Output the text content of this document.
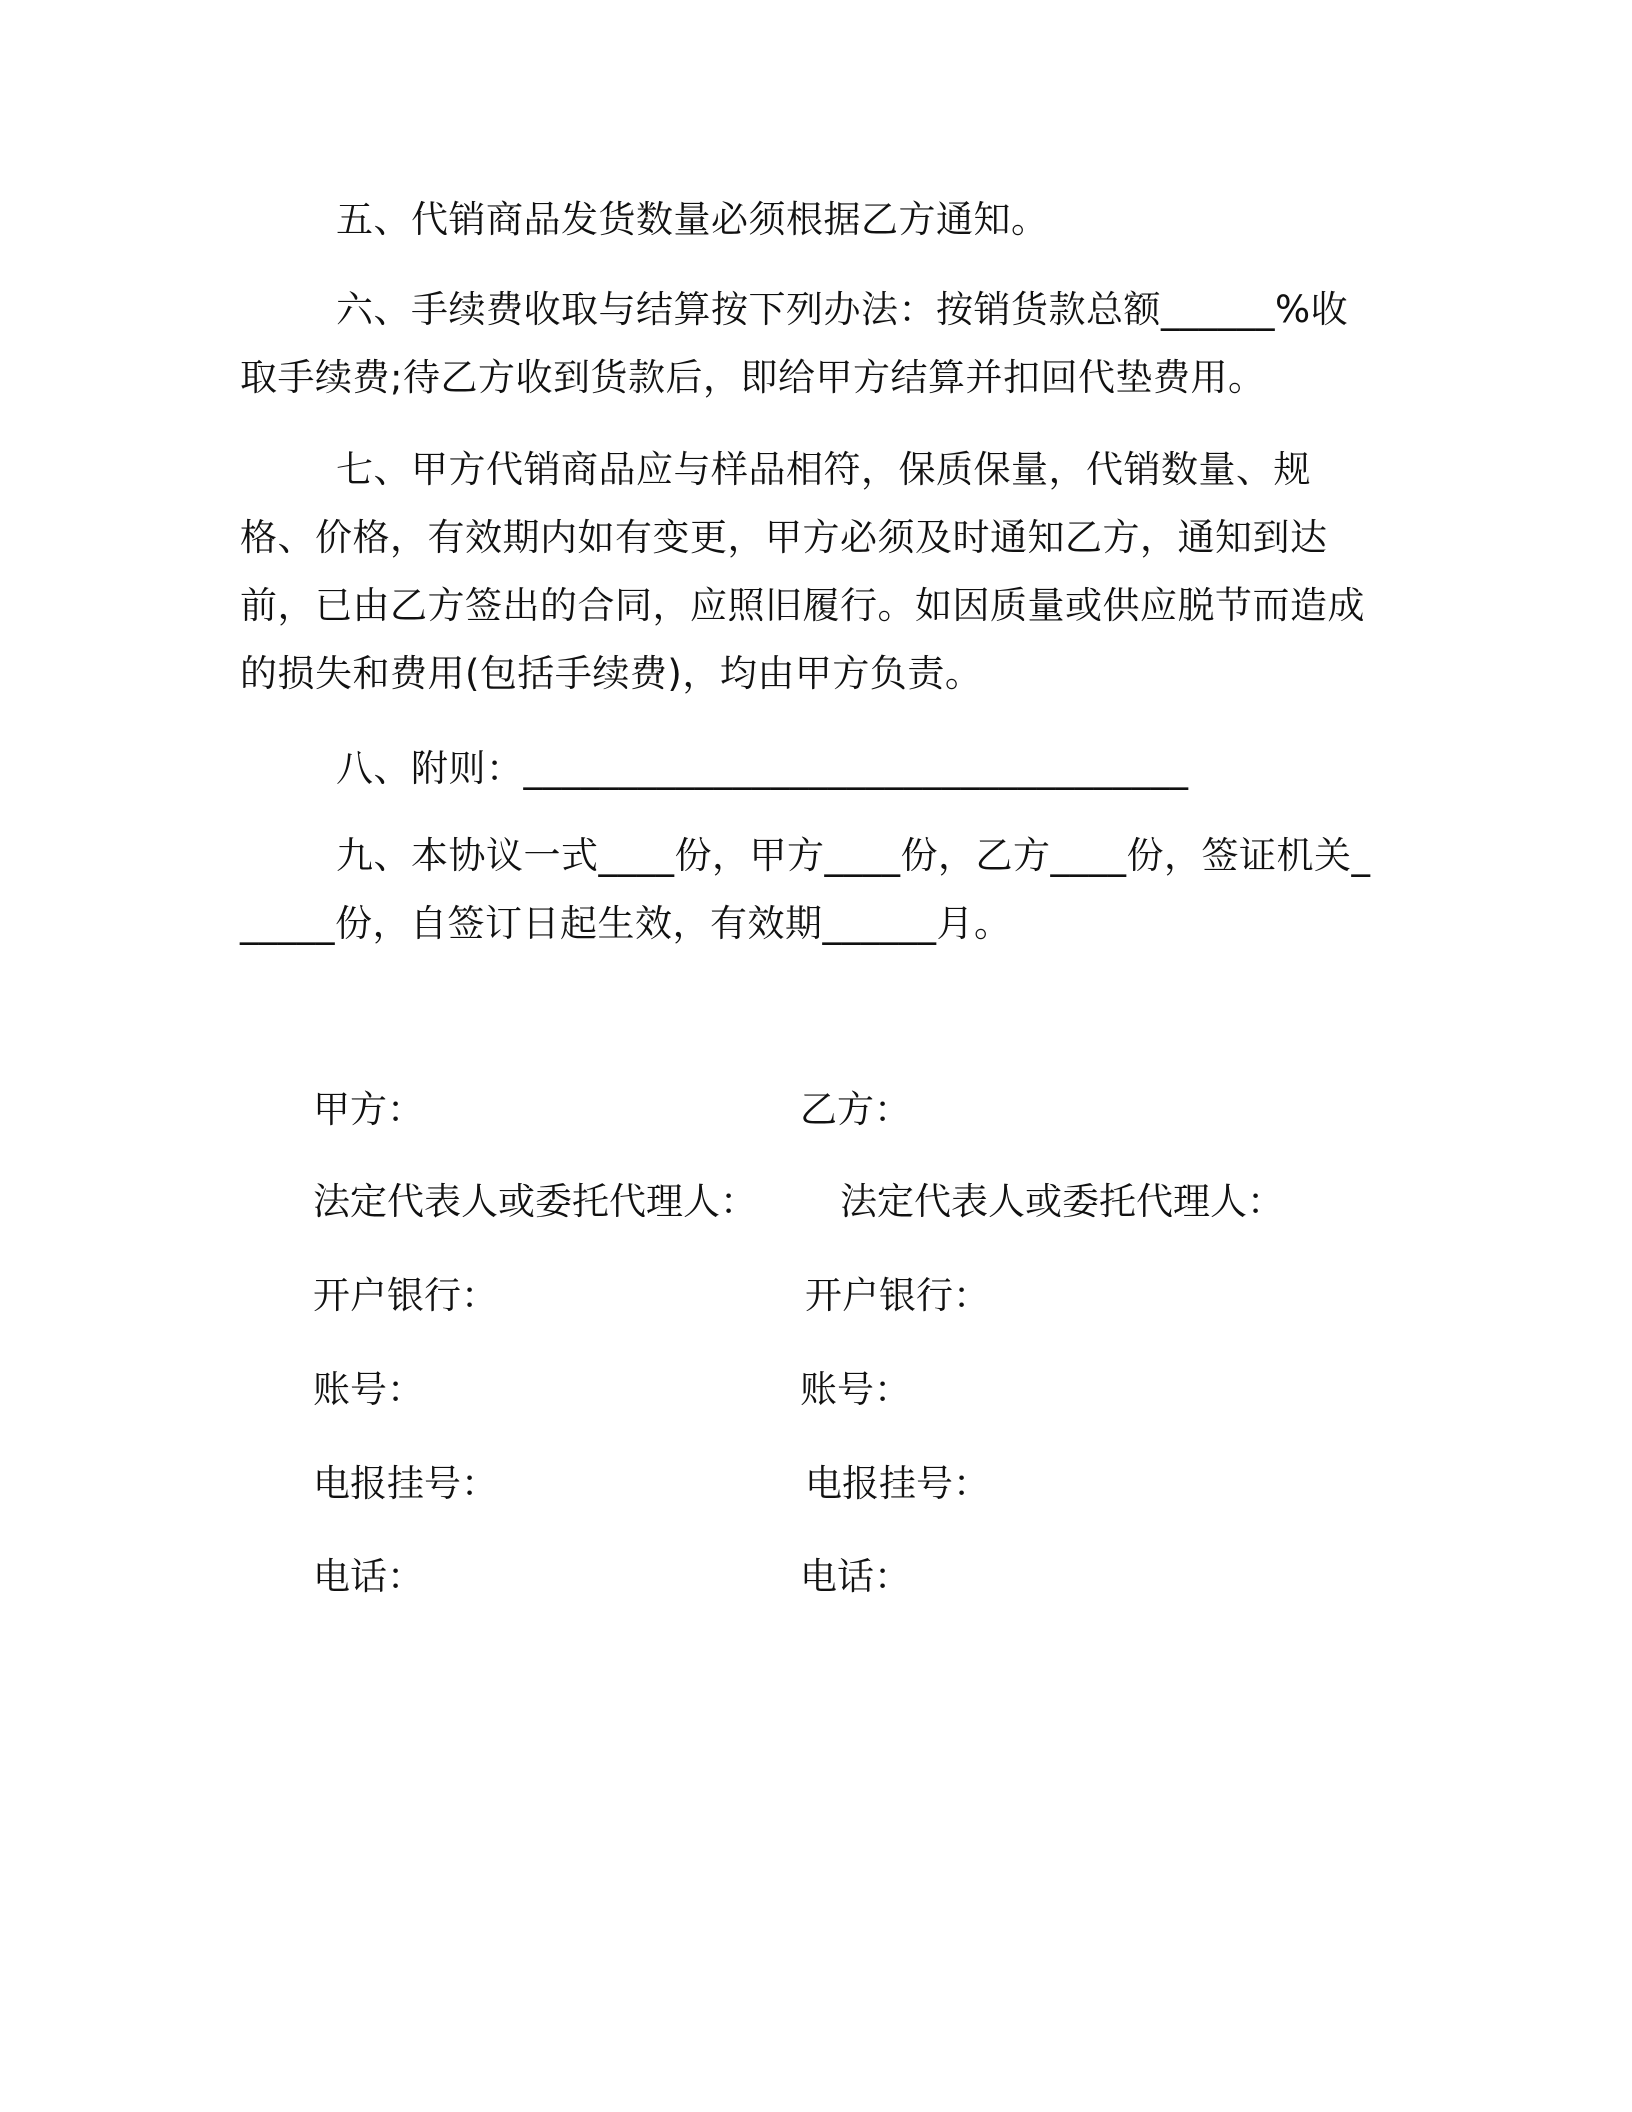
五、代销商品发货数量必须根据乙方通知。
六、手续费收取与结算按下列办法：按销货款总额______%收取手续费;待乙方收到货款后，即给甲方结算并扣回代垫费用。
七、甲方代销商品应与样品相符，保质保量，代销数量、规格、价格，有效期内如有变更，甲方必须及时通知乙方，通知到达前，已由乙方签出的合同，应照旧履行。如因质量或供应脱节而造成的损失和费用(包括手续费)，均由甲方负责。
八、附则：___________________________________
九、本协议一式____份，甲方____份，乙方____份，签证机关______份，自签订日起生效，有效期______月。
甲方：
法定代表人或委托代理人：
开户银行：
账号：
电报挂号：
电话：
乙方：
法定代表人或委托代理人：
开户银行：
账号：
电报挂号：
电话：
